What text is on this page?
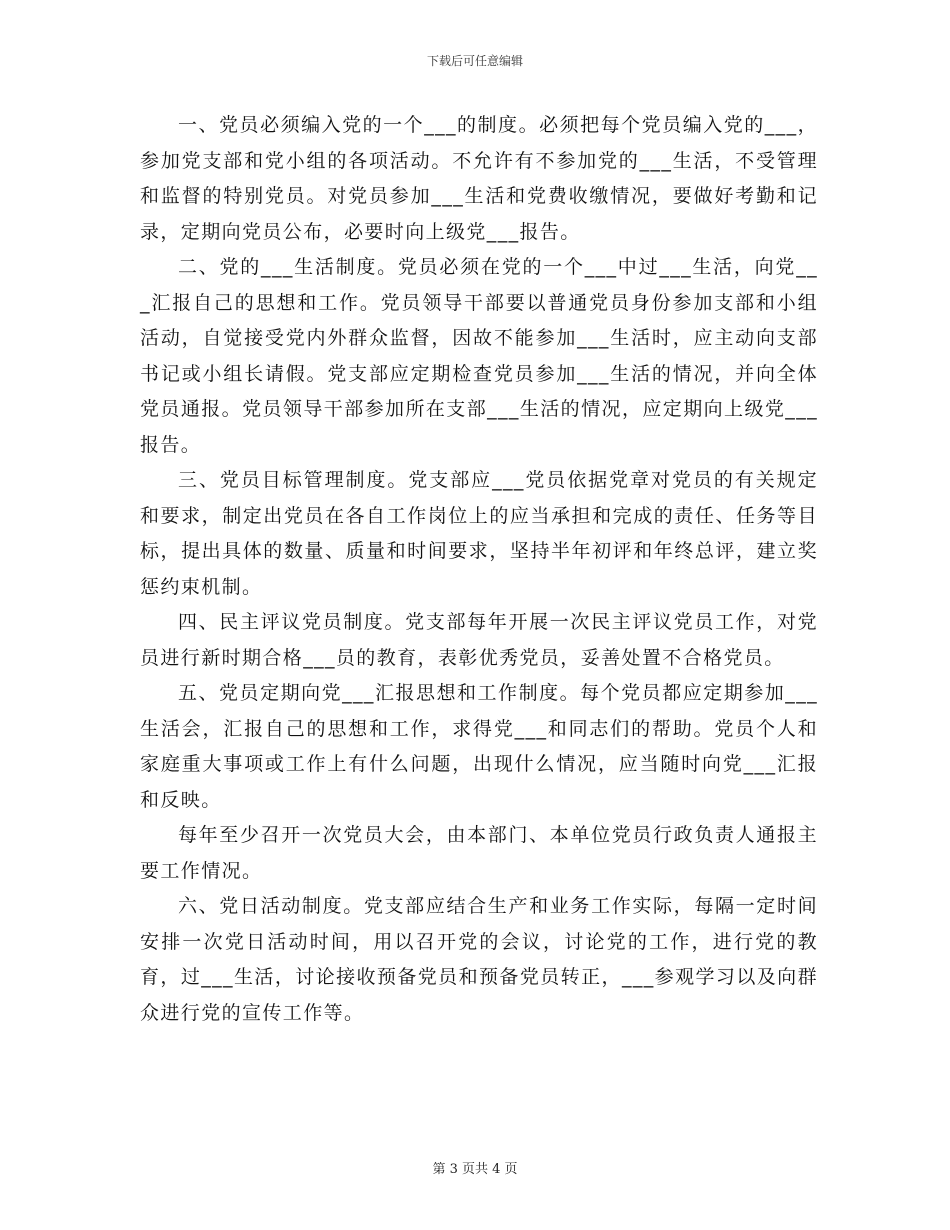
下载后可任意编辑

一、党员必须编入党的一个___的制度。必须把每个党员编入党的___，参加党支部和党小组的各项活动。不允许有不参加党的___生活，不受管理和监督的特别党员。对党员参加___生活和党费收缴情况，要做好考勤和记录，定期向党员公布，必要时向上级党___报告。

二、党的___生活制度。党员必须在党的一个___中过___生活，向党___汇报自己的思想和工作。党员领导干部要以普通党员身份参加支部和小组活动，自觉接受党内外群众监督，因故不能参加___生活时，应主动向支部书记或小组长请假。党支部应定期检查党员参加___生活的情况，并向全体党员通报。党员领导干部参加所在支部___生活的情况，应定期向上级党___报告。

三、党员目标管理制度。党支部应___党员依据党章对党员的有关规定和要求，制定出党员在各自工作岗位上的应当承担和完成的责任、任务等目标，提出具体的数量、质量和时间要求，坚持半年初评和年终总评，建立奖惩约束机制。

四、民主评议党员制度。党支部每年开展一次民主评议党员工作，对党员进行新时期合格___员的教育，表彰优秀党员，妥善处置不合格党员。

五、党员定期向党___汇报思想和工作制度。每个党员都应定期参加___生活会，汇报自己的思想和工作，求得党___和同志们的帮助。党员个人和家庭重大事项或工作上有什么问题，出现什么情况，应当随时向党___汇报和反映。

每年至少召开一次党员大会，由本部门、本单位党员行政负责人通报主要工作情况。

六、党日活动制度。党支部应结合生产和业务工作实际，每隔一定时间安排一次党日活动时间，用以召开党的会议，讨论党的工作，进行党的教育，过___生活，讨论接收预备党员和预备党员转正，___参观学习以及向群众进行党的宣传工作等。

第 3 页共 4 页
